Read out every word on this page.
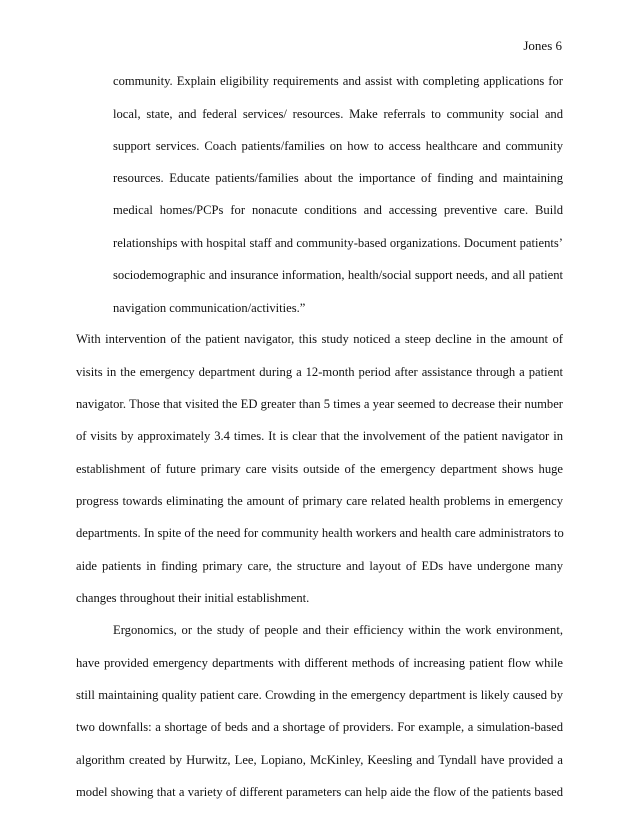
Jones 6
community. Explain eligibility requirements and assist with completing applications for
local, state, and federal services/ resources. Make referrals to community social and
support services. Coach patients/families on how to access healthcare and community
resources. Educate patients/families about the importance of finding and maintaining
medical homes/PCPs for nonacute conditions and accessing preventive care. Build
relationships with hospital staff and community-based organizations. Document patients’
sociodemographic and insurance information, health/social support needs, and all patient
navigation communication/activities.”
With intervention of the patient navigator, this study noticed a steep decline in the amount of
visits in the emergency department during a 12-month period after assistance through a patient
navigator. Those that visited the ED greater than 5 times a year seemed to decrease their number
of visits by approximately 3.4 times. It is clear that the involvement of the patient navigator in
establishment of future primary care visits outside of the emergency department shows huge
progress towards eliminating the amount of primary care related health problems in emergency
departments. In spite of the need for community health workers and health care administrators to
aide patients in finding primary care, the structure and layout of EDs have undergone many
changes throughout their initial establishment.
Ergonomics, or the study of people and their efficiency within the work environment,
have provided emergency departments with different methods of increasing patient flow while
still maintaining quality patient care. Crowding in the emergency department is likely caused by
two downfalls: a shortage of beds and a shortage of providers. For example, a simulation-based
algorithm created by Hurwitz, Lee, Lopiano, McKinley, Keesling and Tyndall have provided a
model showing that a variety of different parameters can help aide the flow of the patients based
